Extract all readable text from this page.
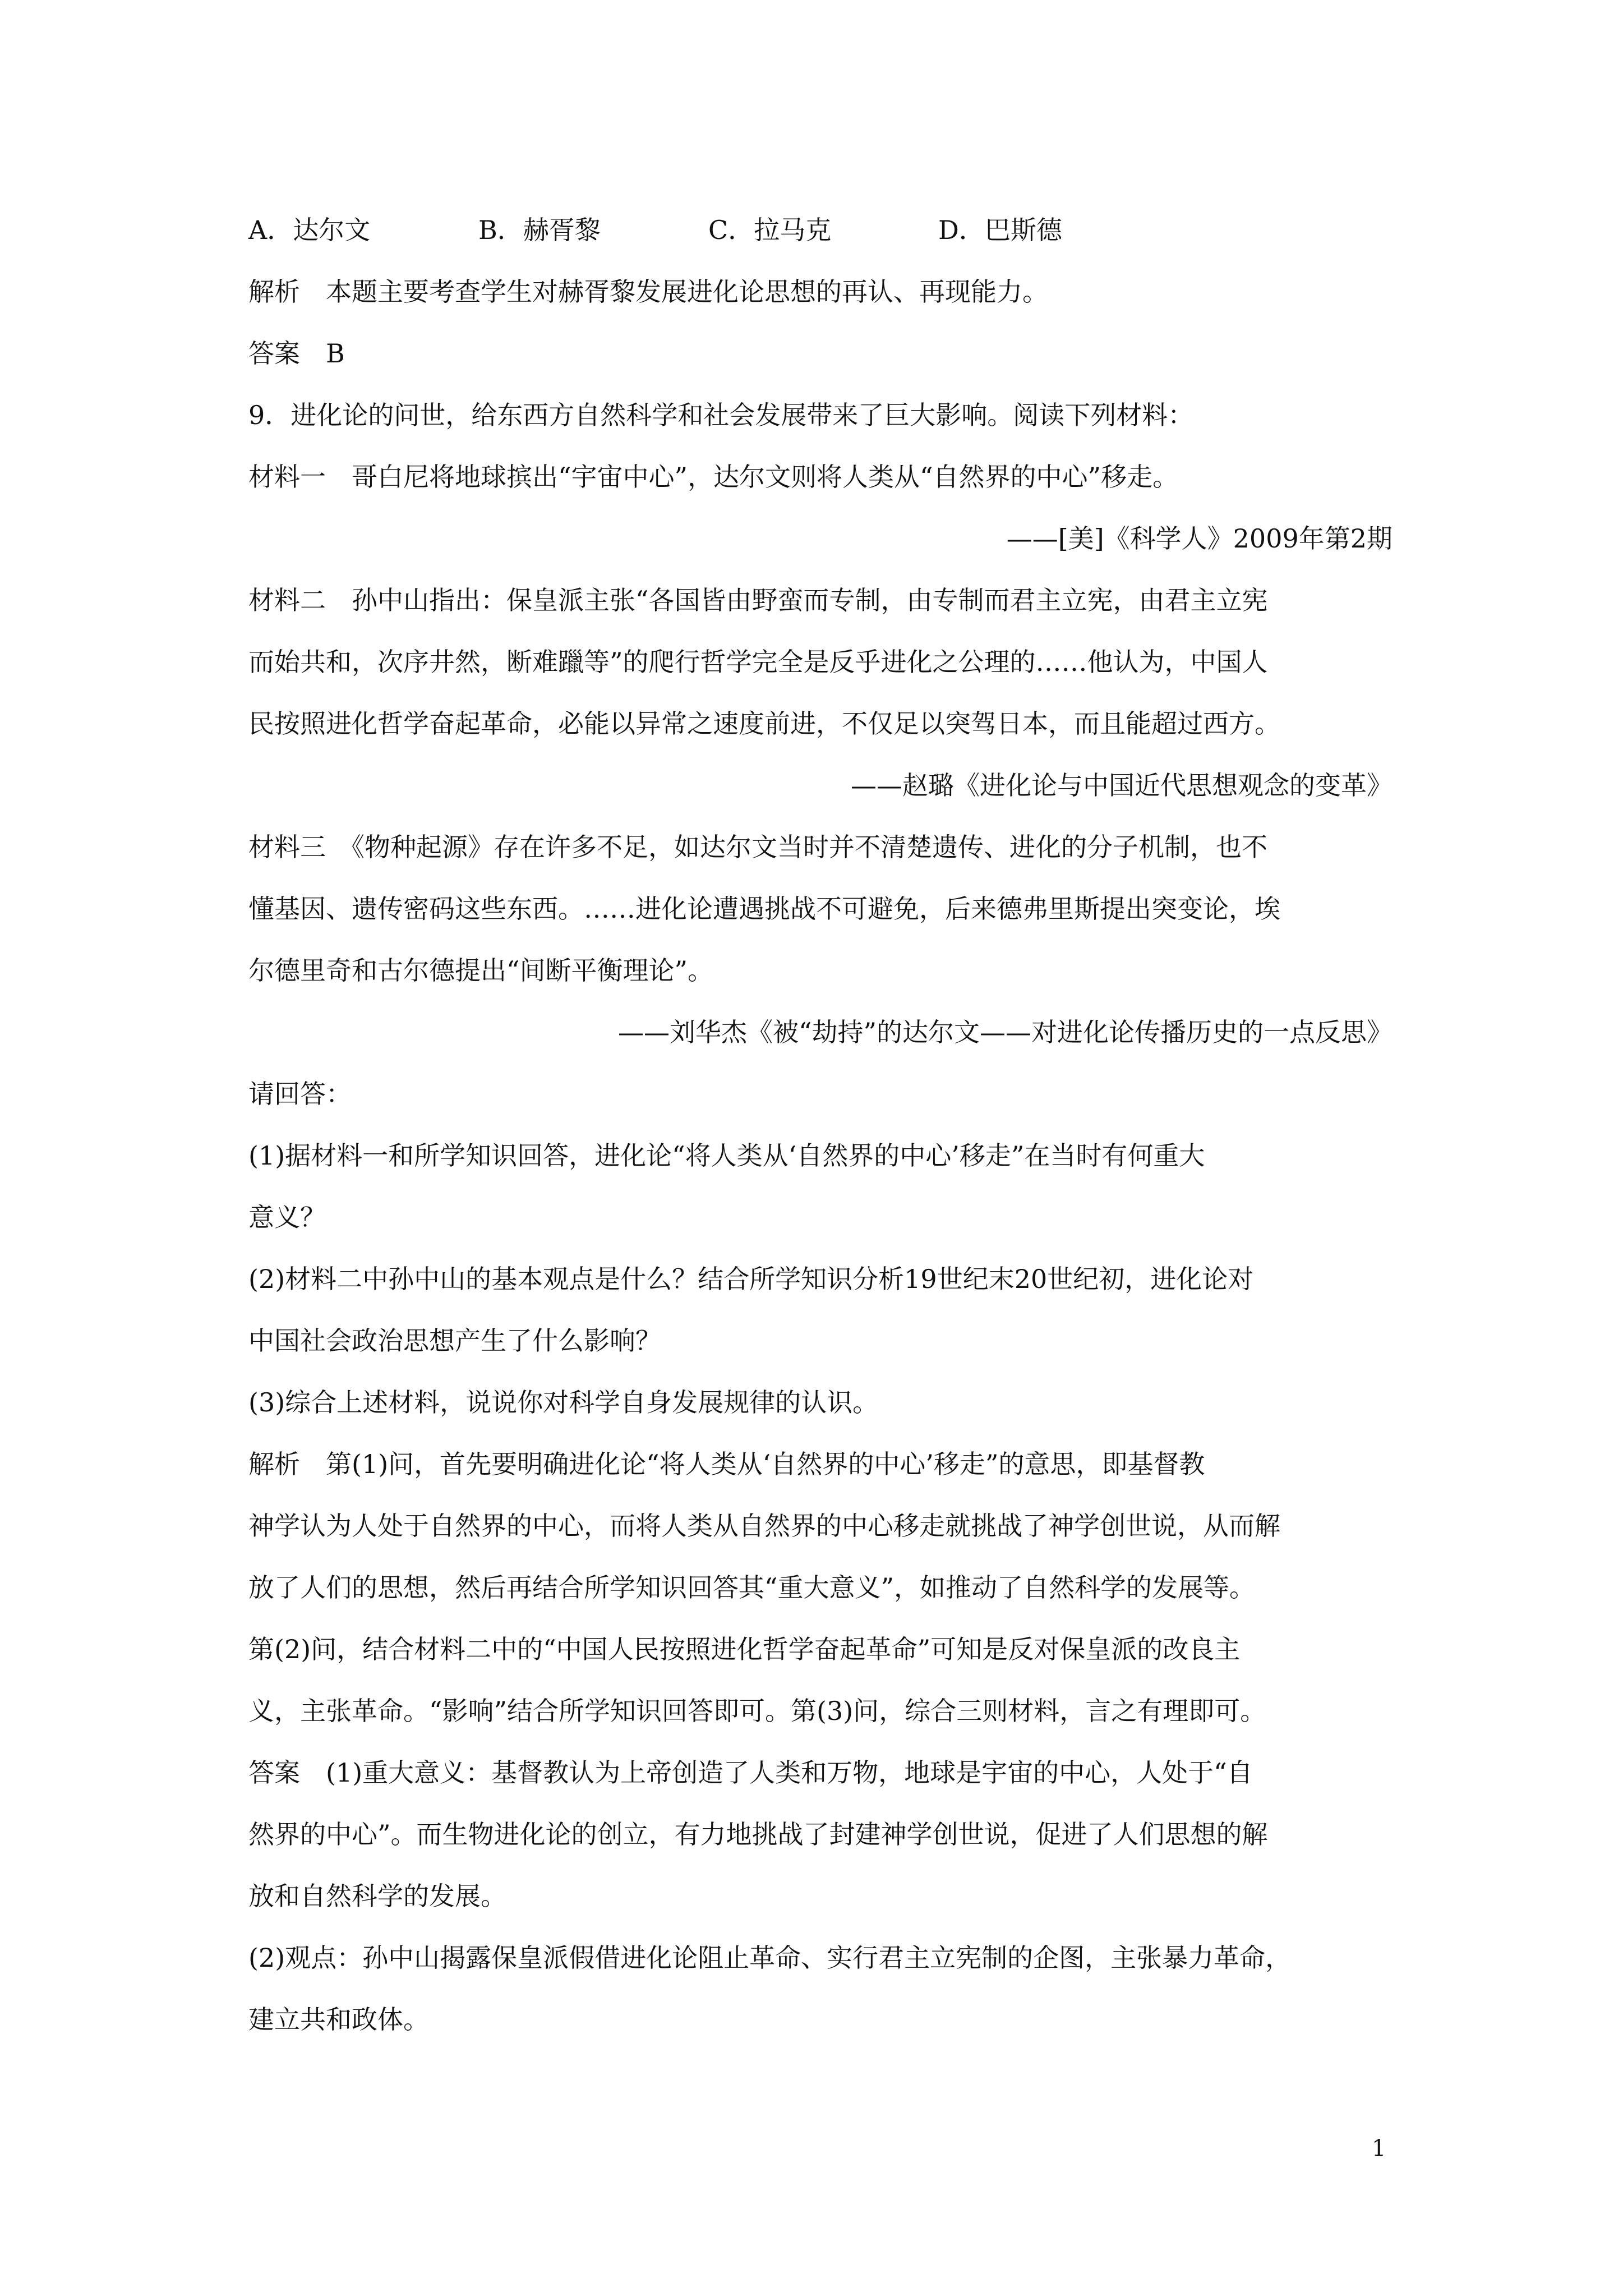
A．达尔文	B．赫胥黎	C．拉马克	D．巴斯德
解析　本题主要考查学生对赫胥黎发展进化论思想的再认、再现能力。
答案　B
9．进化论的问世，给东西方自然科学和社会发展带来了巨大影响。阅读下列材料：
材料一　哥白尼将地球摈出“宇宙中心”，达尔文则将人类从“自然界的中心”移走。
——[美]《科学人》2009年第2期
材料二　孙中山指出：保皇派主张“各国皆由野蛮而专制，由专制而君主立宪，由君主立宪
而始共和，次序井然，断难躐等”的爬行哲学完全是反乎进化之公理的……他认为，中国人
民按照进化哲学奋起革命，必能以异常之速度前进，不仅足以突驾日本，而且能超过西方。
——赵璐《进化论与中国近代思想观念的变革》
材料三　《物种起源》存在许多不足，如达尔文当时并不清楚遗传、进化的分子机制，也不
懂基因、遗传密码这些东西。……进化论遭遇挑战不可避免，后来德弗里斯提出突变论，埃
尔德里奇和古尔德提出“间断平衡理论”。
——刘华杰《被“劫持”的达尔文——对进化论传播历史的一点反思》
请回答：
(1)据材料一和所学知识回答，进化论“将人类从‘自然界的中心’移走”在当时有何重大
意义？
(2)材料二中孙中山的基本观点是什么？结合所学知识分析19世纪末20世纪初，进化论对
中国社会政治思想产生了什么影响？
(3)综合上述材料，说说你对科学自身发展规律的认识。
解析　第(1)问，首先要明确进化论“将人类从‘自然界的中心’移走”的意思，即基督教
神学认为人处于自然界的中心，而将人类从自然界的中心移走就挑战了神学创世说，从而解
放了人们的思想，然后再结合所学知识回答其“重大意义”，如推动了自然科学的发展等。
第(2)问，结合材料二中的“中国人民按照进化哲学奋起革命”可知是反对保皇派的改良主
义，主张革命。“影响”结合所学知识回答即可。第(3)问，综合三则材料，言之有理即可。
答案　(1)重大意义：基督教认为上帝创造了人类和万物，地球是宇宙的中心，人处于“自
然界的中心”。而生物进化论的创立，有力地挑战了封建神学创世说，促进了人们思想的解
放和自然科学的发展。
(2)观点：孙中山揭露保皇派假借进化论阻止革命、实行君主立宪制的企图，主张暴力革命，
建立共和政体。
1
